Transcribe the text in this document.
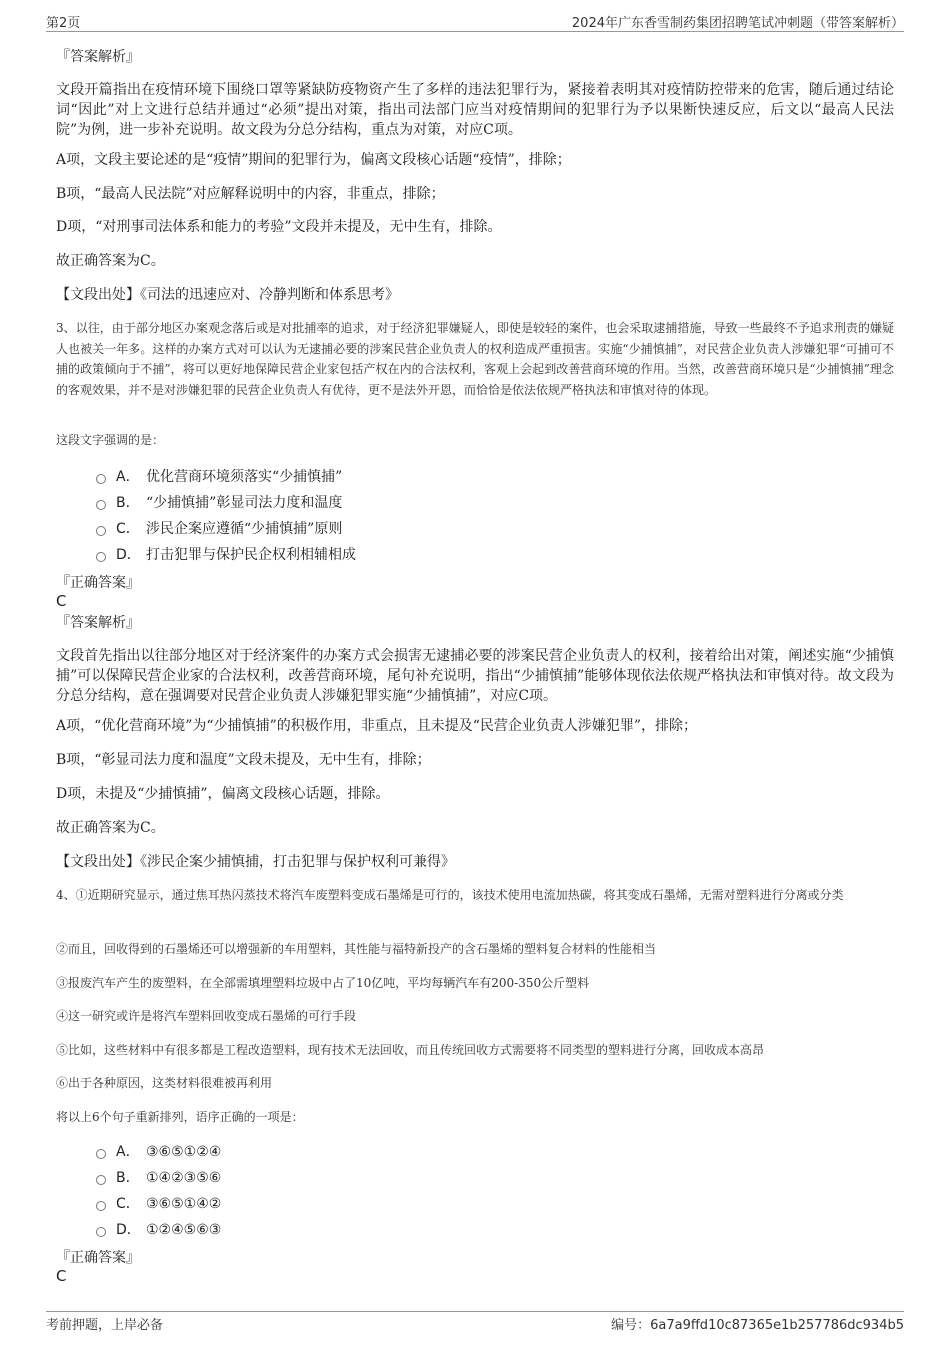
第2页	2024年广东香雪制药集团招聘笔试冲刺题（带答案解析）
『答案解析』
文段开篇指出在疫情环境下围绕口罩等紧缺防疫物资产生了多样的违法犯罪行为，紧接着表明其对疫情防控带来的危害，随后通过结论词“因此”对上文进行总结并通过“必须”提出对策，指出司法部门应当对疫情期间的犯罪行为予以果断快速反应，后文以“最高人民法院”为例，进一步补充说明。故文段为分总分结构，重点为对策，对应C项。
A项，文段主要论述的是“疫情”期间的犯罪行为，偏离文段核心话题“疫情”，排除；
B项，“最高人民法院”对应解释说明中的内容，非重点，排除；
D项，“对刑事司法体系和能力的考验”文段并未提及，无中生有，排除。
故正确答案为C。
【文段出处】《司法的迅速应对、冷静判断和体系思考》
3、以往，由于部分地区办案观念落后或是对批捕率的追求，对于经济犯罪嫌疑人，即使是较轻的案件，也会采取逮捕措施，导致一些最终不予追求刑责的嫌疑人也被关一年多。这样的办案方式对可以认为无逮捕必要的涉案民营企业负责人的权利造成严重损害。实施“少捕慎捕”，对民营企业负责人涉嫌犯罪“可捕可不捕的政策倾向于不捕”，将可以更好地保障民营企业家包括产权在内的合法权利，客观上会起到改善营商环境的作用。当然，改善营商环境只是“少捕慎捕”理念的客观效果，并不是对涉嫌犯罪的民营企业负责人有优待，更不是法外开恩，而恰恰是依法依规严格执法和审慎对待的体现。
这段文字强调的是：
A． 优化营商环境须落实“少捕慎捕”
B． “少捕慎捕”彰显司法力度和温度
C． 涉民企案应遵循“少捕慎捕”原则
D． 打击犯罪与保护民企权利相辅相成
『正确答案』
C
『答案解析』
文段首先指出以往部分地区对于经济案件的办案方式会损害无逮捕必要的涉案民营企业负责人的权利，接着给出对策，阐述实施“少捕慎捕”可以保障民营企业家的合法权利，改善营商环境，尾句补充说明，指出“少捕慎捕”能够体现依法依规严格执法和审慎对待。故文段为分总分结构，意在强调要对民营企业负责人涉嫌犯罪实施“少捕慎捕”，对应C项。
A项，“优化营商环境”为“少捕慎捕”的积极作用，非重点，且未提及“民营企业负责人涉嫌犯罪”，排除；
B项，“彰显司法力度和温度”文段未提及，无中生有，排除；
D项，未提及“少捕慎捕”，偏离文段核心话题，排除。
故正确答案为C。
【文段出处】《涉民企案少捕慎捕，打击犯罪与保护权利可兼得》
4、①近期研究显示，通过焦耳热闪蒸技术将汽车废塑料变成石墨烯是可行的，该技术使用电流加热碳，将其变成石墨烯，无需对塑料进行分离或分类
②而且，回收得到的石墨烯还可以增强新的车用塑料，其性能与福特新投产的含石墨烯的塑料复合材料的性能相当
③报废汽车产生的废塑料，在全部需填埋塑料垃圾中占了10亿吨，平均每辆汽车有200-350公斤塑料
④这一研究或许是将汽车塑料回收变成石墨烯的可行手段
⑤比如，这些材料中有很多都是工程改造塑料，现有技术无法回收，而且传统回收方式需要将不同类型的塑料进行分离，回收成本高昂
⑥出于各种原因，这类材料很难被再利用
将以上6个句子重新排列，语序正确的一项是：
A． ③⑥⑤①②④
B． ①④②③⑤⑥
C． ③⑥⑤①④②
D． ①②④⑤⑥③
『正确答案』
C
考前押题，上岸必备	编号：6a7a9ffd10c87365e1b257786dc934b5
